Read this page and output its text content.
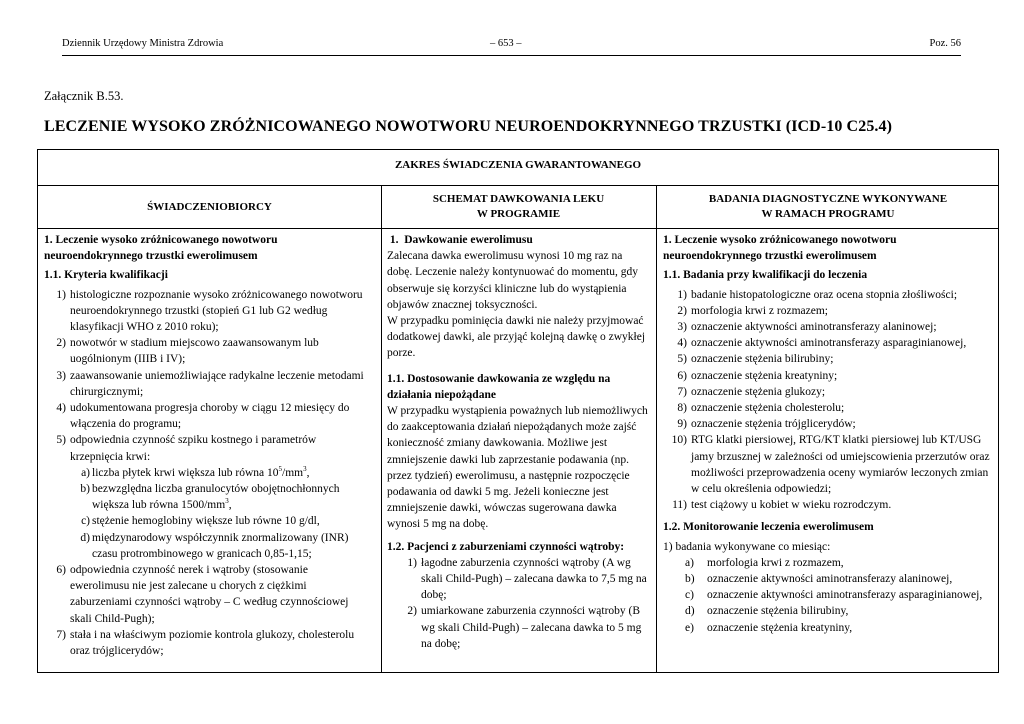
Dziennik Urzędowy Ministra Zdrowia	– 653 –	Poz. 56
Załącznik B.53.
LECZENIE WYSOKO ZRÓŻNICOWANEGO NOWOTWORU NEUROENDOKRYNNEGO TRZUSTKI (ICD-10 C25.4)
ZAKRES ŚWIADCZENIA GWARANTOWANEGO
ŚWIADCZENIOBIORCY
SCHEMAT DAWKOWANIA LEKU
W PROGRAMIE
BADANIA DIAGNOSTYCZNE WYKONYWANE
W RAMACH PROGRAMU

1. Leczenie wysoko zróżnicowanego nowotworu neuroendokrynnego trzustki ewerolimusem

1.1. Kryteria kwalifikacji

1) histologiczne rozpoznanie wysoko zróżnicowanego nowotworu neuroendokrynnego trzustki (stopień G1 lub G2 według klasyfikacji WHO z 2010 roku);
2) nowotwór w stadium miejscowo zaawansowanym lub uogólnionym (IIIB i IV);
3) zaawansowanie uniemożliwiające radykalne leczenie metodami chirurgicznymi;
4) udokumentowana progresja choroby w ciągu 12 miesięcy do włączenia do programu;
5) odpowiednia czynność szpiku kostnego i parametrów krzepnięcia krwi:
a) liczba płytek krwi większa lub równa $10^5/mm^3$,
b) bezwzględna liczba granulocytów obojętnochłonnych większa lub równa $1500/mm^3$,
c) stężenie hemoglobiny większe lub równe 10 g/dl,
d) międzynarodowy współczynnik znormalizowany (INR) czasu protrombinowego w granicach 0,85-1,15;
6) odpowiednia czynność nerek i wątroby (stosowanie ewerolimusu nie jest zalecane u chorych z ciężkimi zaburzeniami czynności wątroby – C według czynnościowej skali Child-Pugh);
7) stała i na właściwym poziomie kontrola glukozy, cholesterolu oraz trójglicerydów;

1.  Dawkowanie ewerolimusu

Zalecana dawka ewerolimusu wynosi 10 mg raz na dobę. Leczenie należy kontynuować do momentu, gdy obserwuje się korzyści kliniczne lub do wystąpienia objawów znacznej toksyczności.

W przypadku pominięcia dawki nie należy przyjmować dodatkowej dawki, ale przyjąć kolejną dawkę o zwykłej porze.

1.1. Dostosowanie dawkowania ze względu na działania niepożądane

W przypadku wystąpienia poważnych lub niemożliwych do zaakceptowania działań niepożądanych może zajść konieczność zmiany dawkowania. Możliwe jest zmniejszenie dawki lub zaprzestanie podawania (np. przez tydzień) ewerolimusu, a następnie rozpoczęcie podawania od dawki 5 mg. Jeżeli konieczne jest zmniejszenie dawki, wówczas sugerowana dawka wynosi 5 mg na dobę.

1.2. Pacjenci z zaburzeniami czynności wątroby:

1) łagodne zaburzenia czynności wątroby (A wg skali Child-Pugh) – zalecana dawka to 7,5 mg na dobę;
2) umiarkowane zaburzenia czynności wątroby (B wg skali Child-Pugh) – zalecana dawka to 5 mg na dobę;

1. Leczenie wysoko zróżnicowanego nowotworu neuroendokrynnego trzustki ewerolimusem

1.1. Badania przy kwalifikacji do leczenia

1) badanie histopatologiczne oraz ocena stopnia złośliwości;
2) morfologia krwi z rozmazem;
3) oznaczenie aktywności aminotransferazy alaninowej;
4) oznaczenie aktywności aminotransferazy asparaginianowej,
5) oznaczenie stężenia bilirubiny;
6) oznaczenie stężenia kreatyniny;
7) oznaczenie stężenia glukozy;
8) oznaczenie stężenia cholesterolu;
9) oznaczenie stężenia trójglicerydów;
10) RTG klatki piersiowej, RTG/KT klatki piersiowej lub KT/USG jamy brzusznej w zależności od umiejscowienia przerzutów oraz możliwości przeprowadzenia oceny wymiarów leczonych zmian w celu określenia odpowiedzi;
11) test ciążowy u kobiet w wieku rozrodczym.

1.2. Monitorowanie leczenia ewerolimusem

1) badania wykonywane co miesiąc:

a) morfologia krwi z rozmazem,
b) oznaczenie aktywności aminotransferazy alaninowej,
c) oznaczenie aktywności aminotransferazy asparaginianowej,
d) oznaczenie stężenia bilirubiny,
e) oznaczenie stężenia kreatyniny,
